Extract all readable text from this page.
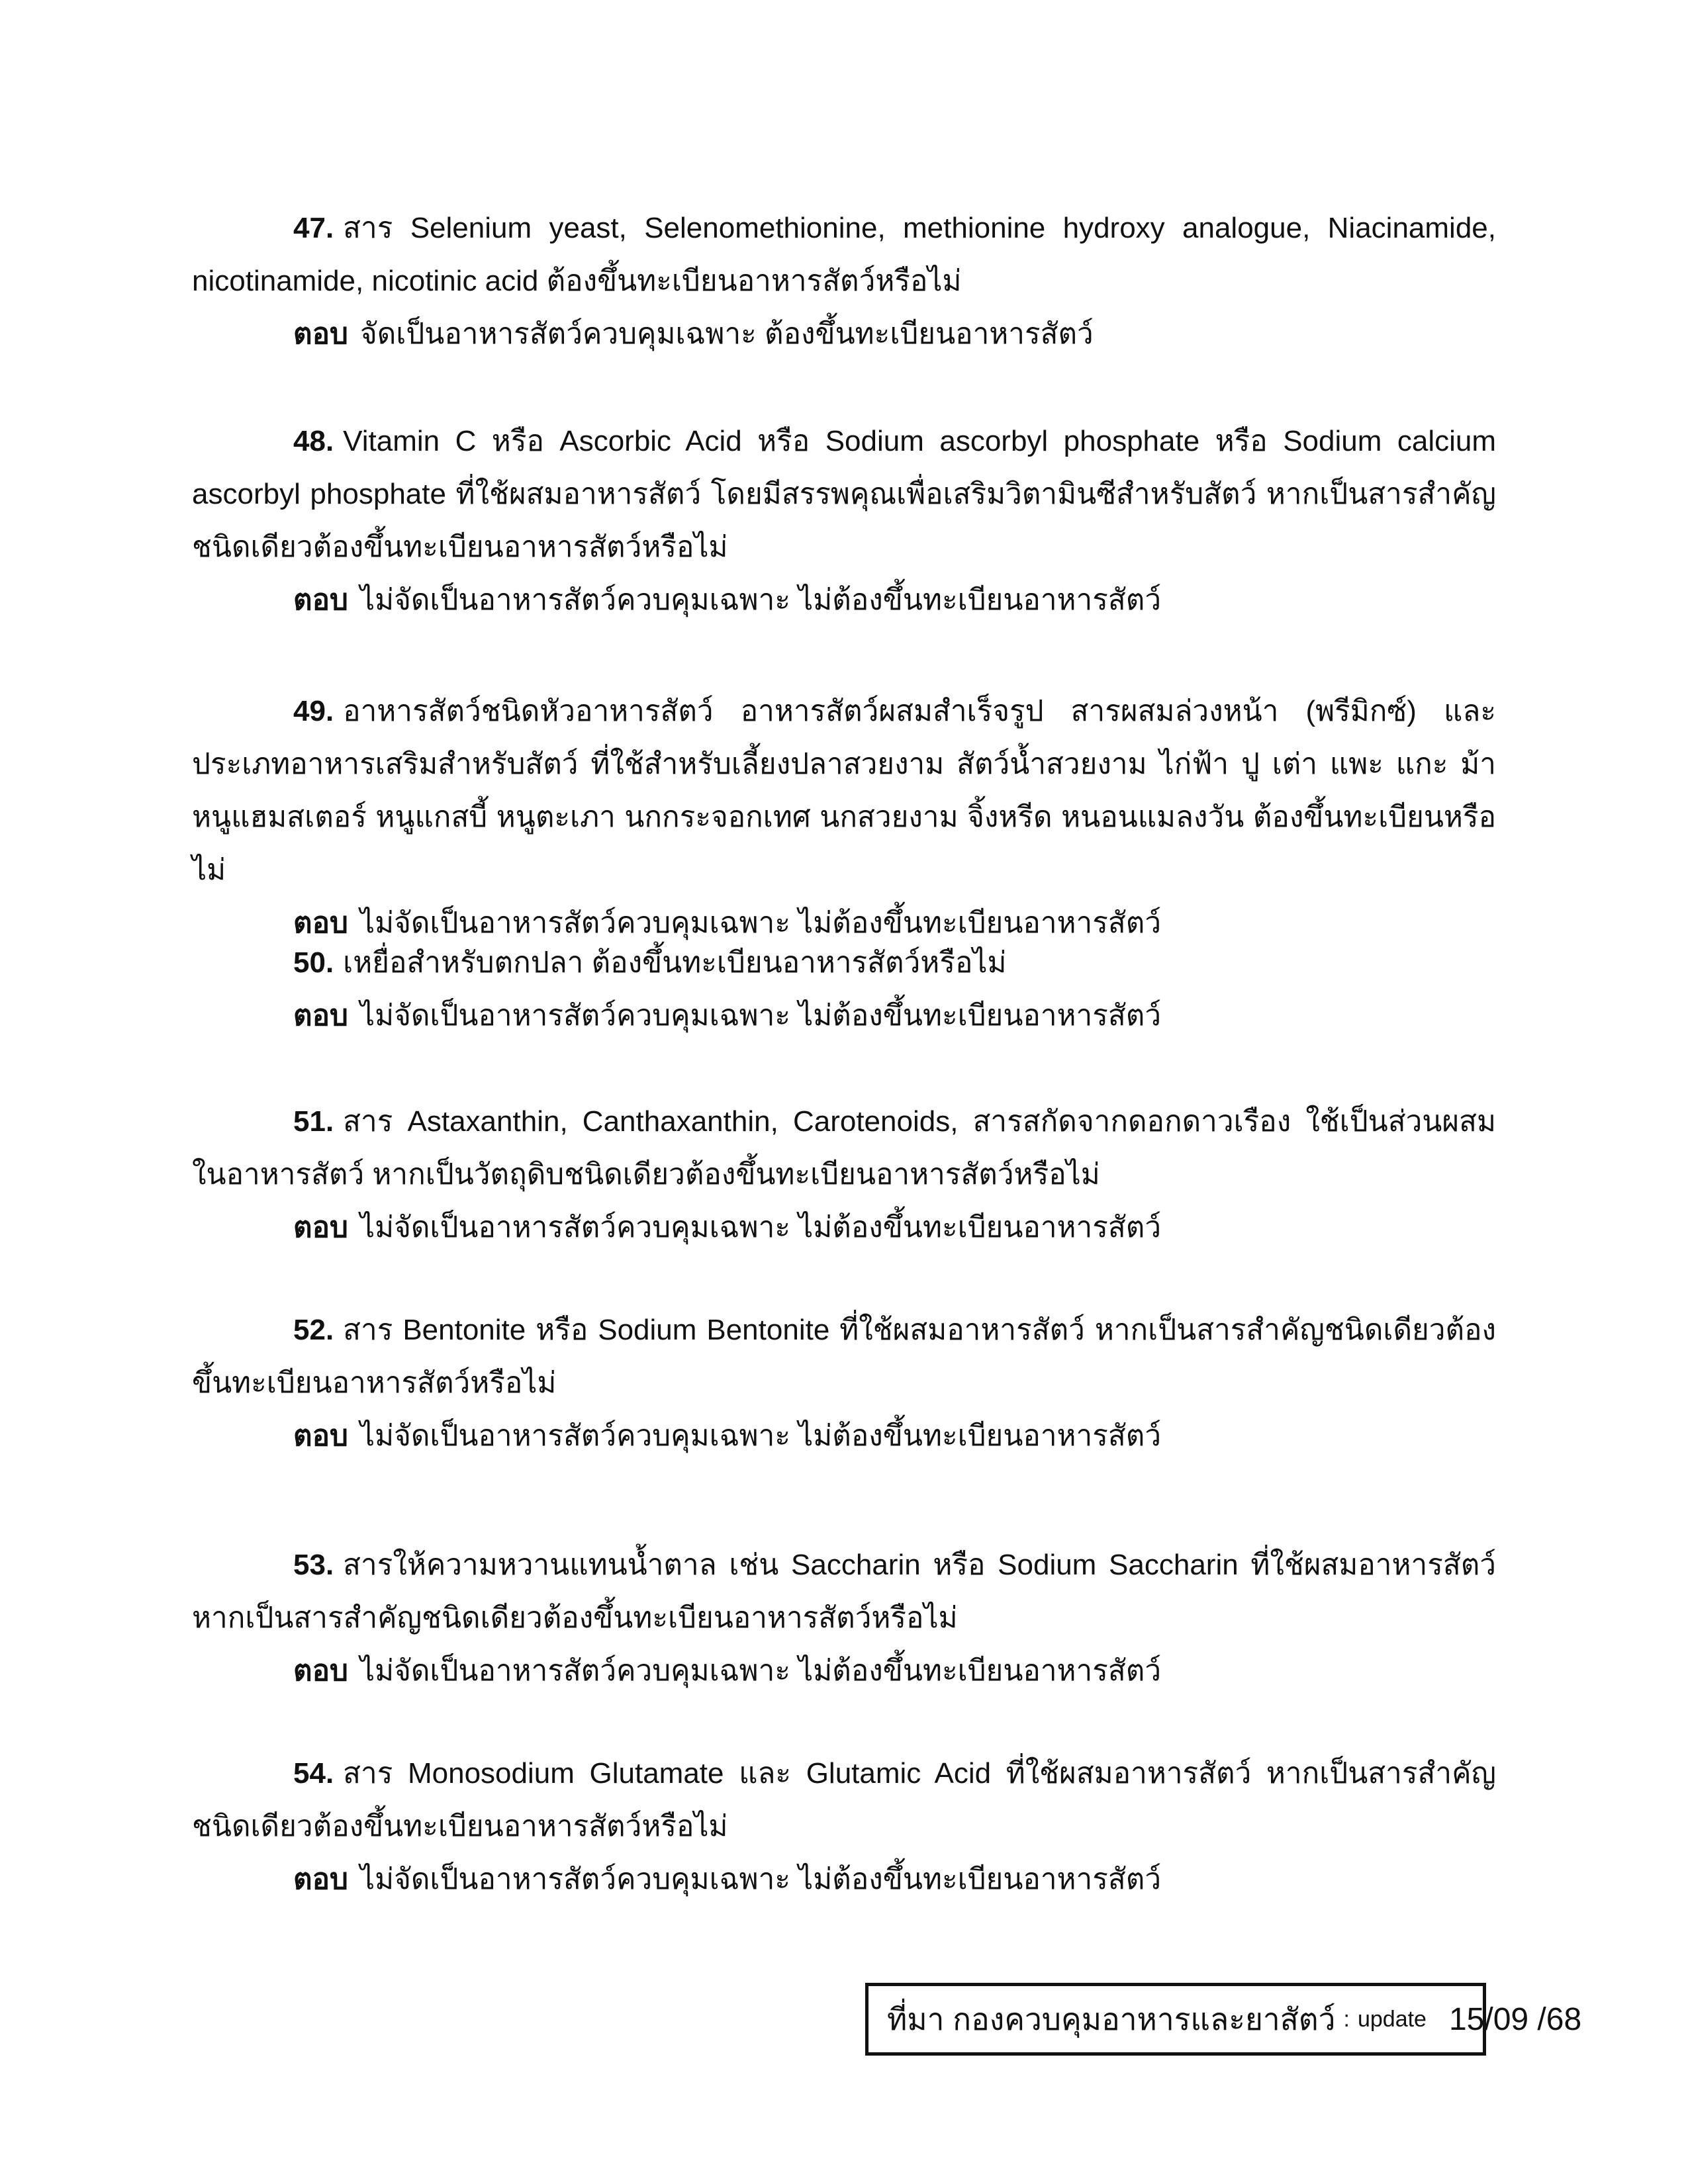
47. สาร Selenium yeast, Selenomethionine, methionine hydroxy analogue, Niacinamide, nicotinamide, nicotinic acid ต้องขึ้นทะเบียนอาหารสัตว์หรือไม่

ตอบ จัดเป็นอาหารสัตว์ควบคุมเฉพาะ ต้องขึ้นทะเบียนอาหารสัตว์

48. Vitamin C หรือ Ascorbic Acid หรือ Sodium ascorbyl phosphate หรือ Sodium calcium ascorbyl phosphate ที่ใช้ผสมอาหารสัตว์ โดยมีสรรพคุณเพื่อเสริมวิตามินซีสำหรับสัตว์ หากเป็นสารสำคัญชนิดเดียวต้องขึ้นทะเบียนอาหารสัตว์หรือไม่

ตอบ ไม่จัดเป็นอาหารสัตว์ควบคุมเฉพาะ ไม่ต้องขึ้นทะเบียนอาหารสัตว์

49. อาหารสัตว์ชนิดหัวอาหารสัตว์ อาหารสัตว์ผสมสำเร็จรูป สารผสมล่วงหน้า (พรีมิกซ์) และประเภทอาหารเสริมสำหรับสัตว์ ที่ใช้สำหรับเลี้ยงปลาสวยงาม สัตว์น้ำสวยงาม ไก่ฟ้า ปู เต่า แพะ แกะ ม้า หนูแฮมสเตอร์ หนูแกสบี้ หนูตะเภา นกกระจอกเทศ นกสวยงาม จิ้งหรีด หนอนแมลงวัน ต้องขึ้นทะเบียนหรือไม่

ตอบ ไม่จัดเป็นอาหารสัตว์ควบคุมเฉพาะ ไม่ต้องขึ้นทะเบียนอาหารสัตว์

50. เหยื่อสำหรับตกปลา ต้องขึ้นทะเบียนอาหารสัตว์หรือไม่

ตอบ ไม่จัดเป็นอาหารสัตว์ควบคุมเฉพาะ ไม่ต้องขึ้นทะเบียนอาหารสัตว์

51. สาร Astaxanthin, Canthaxanthin, Carotenoids, สารสกัดจากดอกดาวเรือง ใช้เป็นส่วนผสมในอาหารสัตว์ หากเป็นวัตถุดิบชนิดเดียวต้องขึ้นทะเบียนอาหารสัตว์หรือไม่

ตอบ ไม่จัดเป็นอาหารสัตว์ควบคุมเฉพาะ ไม่ต้องขึ้นทะเบียนอาหารสัตว์

52. สาร Bentonite หรือ Sodium Bentonite ที่ใช้ผสมอาหารสัตว์ หากเป็นสารสำคัญชนิดเดียวต้องขึ้นทะเบียนอาหารสัตว์หรือไม่

ตอบ ไม่จัดเป็นอาหารสัตว์ควบคุมเฉพาะ ไม่ต้องขึ้นทะเบียนอาหารสัตว์

53. สารให้ความหวานแทนน้ำตาล เช่น Saccharin หรือ Sodium Saccharin ที่ใช้ผสมอาหารสัตว์ หากเป็นสารสำคัญชนิดเดียวต้องขึ้นทะเบียนอาหารสัตว์หรือไม่

ตอบ ไม่จัดเป็นอาหารสัตว์ควบคุมเฉพาะ ไม่ต้องขึ้นทะเบียนอาหารสัตว์

54. สาร Monosodium Glutamate และ Glutamic Acid ที่ใช้ผสมอาหารสัตว์ หากเป็นสารสำคัญชนิดเดียวต้องขึ้นทะเบียนอาหารสัตว์หรือไม่

ตอบ ไม่จัดเป็นอาหารสัตว์ควบคุมเฉพาะ ไม่ต้องขึ้นทะเบียนอาหารสัตว์

ที่มา กองควบคุมอาหารและยาสัตว์ : update 15/09 /68
